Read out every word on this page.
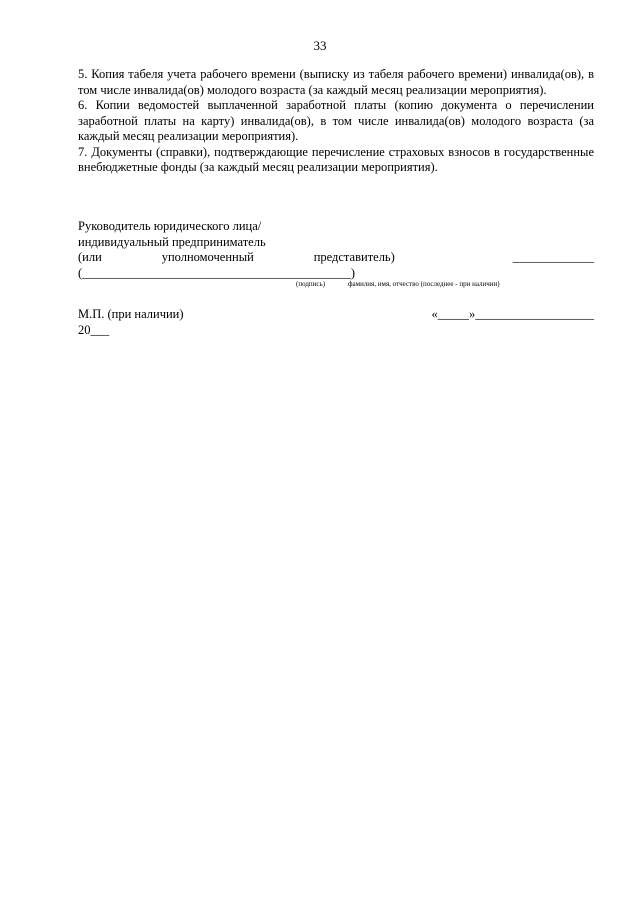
33

5. Копия табеля учета рабочего времени (выписку из табеля рабочего времени) инвалида(ов), в том числе инвалида(ов) молодого возраста (за каждый месяц реализации мероприятия).

6. Копии ведомостей выплаченной заработной платы (копию документа о перечислении заработной платы на карту) инвалида(ов), в том числе инвалида(ов) молодого возраста (за каждый месяц реализации мероприятия).

7. Документы (справки), подтверждающие перечисление страховых взносов в государственные внебюджетные фонды (за каждый месяц реализации мероприятия).

Руководитель юридического лица/
индивидуальный предприниматель
(или	уполномоченный	представитель)	_____________
(___________________________________________)
(подпись)	фамилия, имя, отчество (последнее - при наличии)
М.П. (при наличии)	«_____»___________________
20___
